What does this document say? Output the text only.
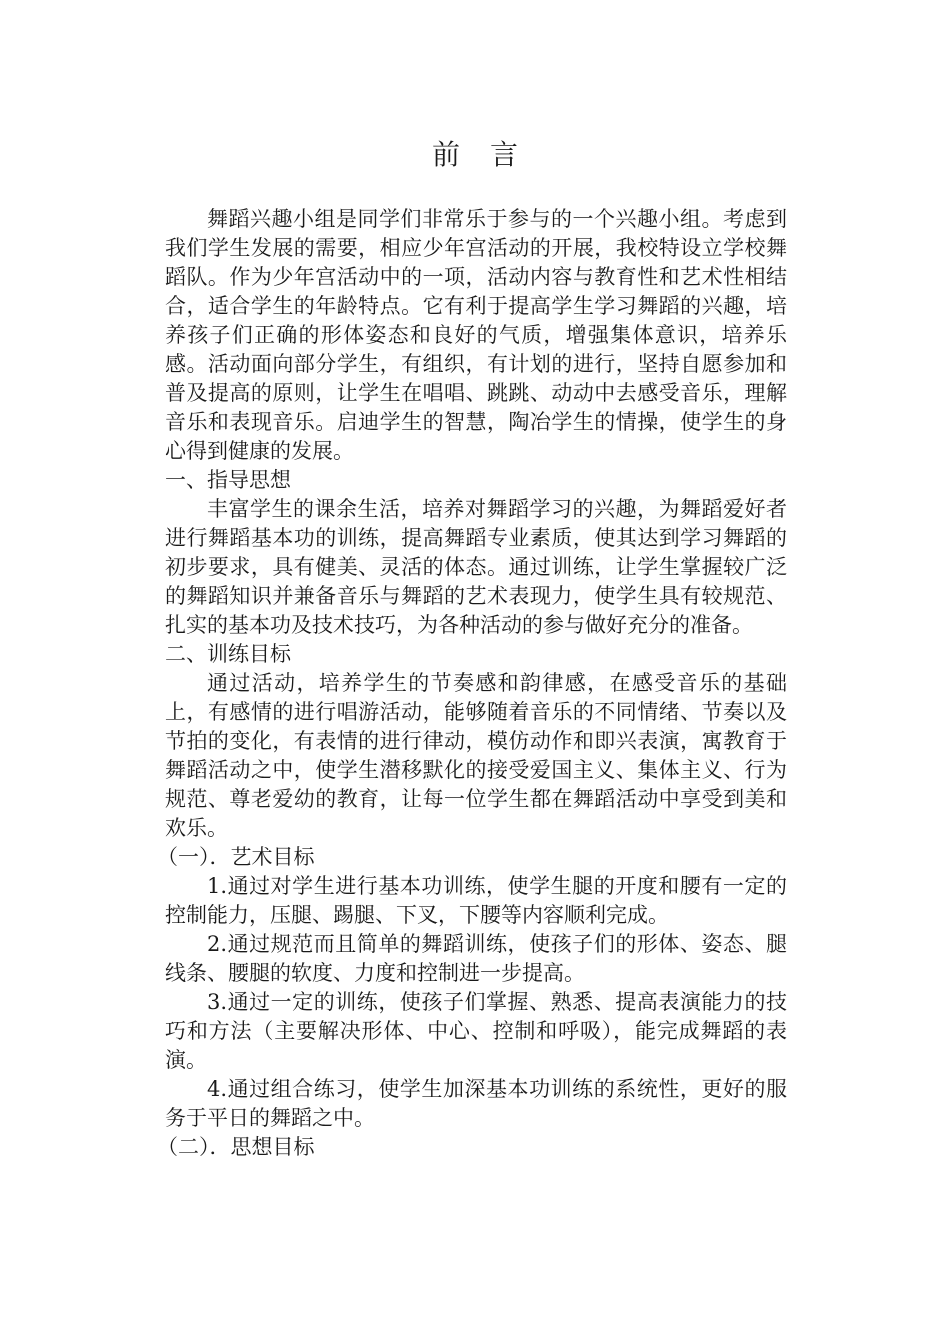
前言

舞蹈兴趣小组是同学们非常乐于参与的一个兴趣小组。考虑到我们学生发展的需要，相应少年宫活动的开展，我校特设立学校舞蹈队。作为少年宫活动中的一项，活动内容与教育性和艺术性相结合，适合学生的年龄特点。它有利于提高学生学习舞蹈的兴趣，培养孩子们正确的形体姿态和良好的气质，增强集体意识，培养乐感。活动面向部分学生，有组织，有计划的进行，坚持自愿参加和普及提高的原则，让学生在唱唱、跳跳、动动中去感受音乐，理解音乐和表现音乐。启迪学生的智慧，陶冶学生的情操，使学生的身心得到健康的发展。

一、指导思想

丰富学生的课余生活，培养对舞蹈学习的兴趣，为舞蹈爱好者进行舞蹈基本功的训练，提高舞蹈专业素质，使其达到学习舞蹈的初步要求，具有健美、灵活的体态。通过训练，让学生掌握较广泛的舞蹈知识并兼备音乐与舞蹈的艺术表现力，使学生具有较规范、扎实的基本功及技术技巧，为各种活动的参与做好充分的准备。

二、训练目标

通过活动，培养学生的节奏感和韵律感，在感受音乐的基础上，有感情的进行唱游活动，能够随着音乐的不同情绪、节奏以及节拍的变化，有表情的进行律动，模仿动作和即兴表演，寓教育于舞蹈活动之中，使学生潜移默化的接受爱国主义、集体主义、行为规范、尊老爱幼的教育，让每一位学生都在舞蹈活动中享受到美和欢乐。

（一）．艺术目标

1.通过对学生进行基本功训练，使学生腿的开度和腰有一定的控制能力，压腿、踢腿、下叉，下腰等内容顺利完成。

2.通过规范而且简单的舞蹈训练，使孩子们的形体、姿态、腿线条、腰腿的软度、力度和控制进一步提高。

3.通过一定的训练，使孩子们掌握、熟悉、提高表演能力的技巧和方法（主要解决形体、中心、控制和呼吸），能完成舞蹈的表演。

4.通过组合练习，使学生加深基本功训练的系统性，更好的服务于平日的舞蹈之中。

（二）．思想目标
